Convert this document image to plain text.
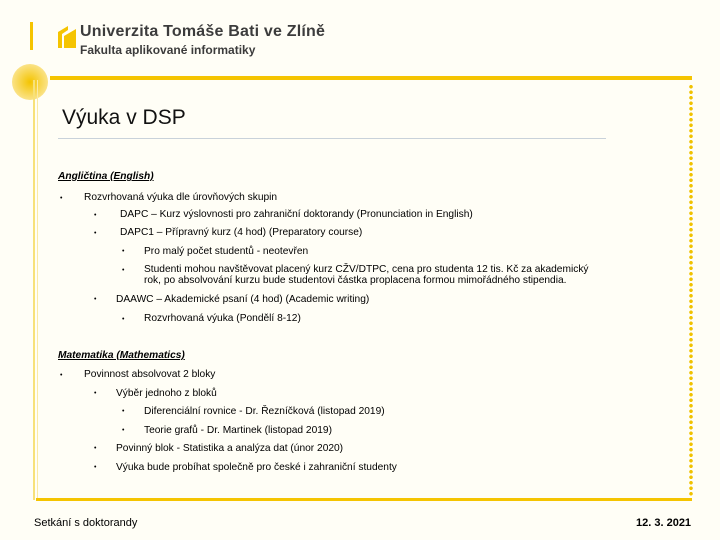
Univerzita Tomáše Bati ve Zlíně
Fakulta aplikované informatiky
Výuka v DSP
Angličtina (English)
• Rozvrhovaná výuka dle úrovňových skupin
• DAPC – Kurz výslovnosti pro zahraniční doktorandy (Pronunciation in English)
• DAPC1 – Přípravný kurz (4 hod) (Preparatory course)
• Pro malý počet studentů - neotevřen
• Studenti mohou navštěvovat placený kurz CŽV/DTPC, cena pro studenta 12 tis. Kč za akademický
rok, po absolvování kurzu bude studentovi částka proplacena formou mimořádného stipendia.
• DAAWC – Akademické psaní (4 hod) (Academic writing)
• Rozvrhovaná výuka (Pondělí 8-12)
Matematika (Mathematics)
• Povinnost absolvovat 2 bloky
• Výběr jednoho z bloků
• Diferenciální rovnice - Dr. Řezníčková (listopad 2019)
• Teorie grafů - Dr. Martinek (listopad 2019)
• Povinný blok - Statistika a analýza dat (únor 2020)
• Výuka bude probíhat společně pro české i zahraniční studenty
Setkání s doktorandy	12. 3. 2021
